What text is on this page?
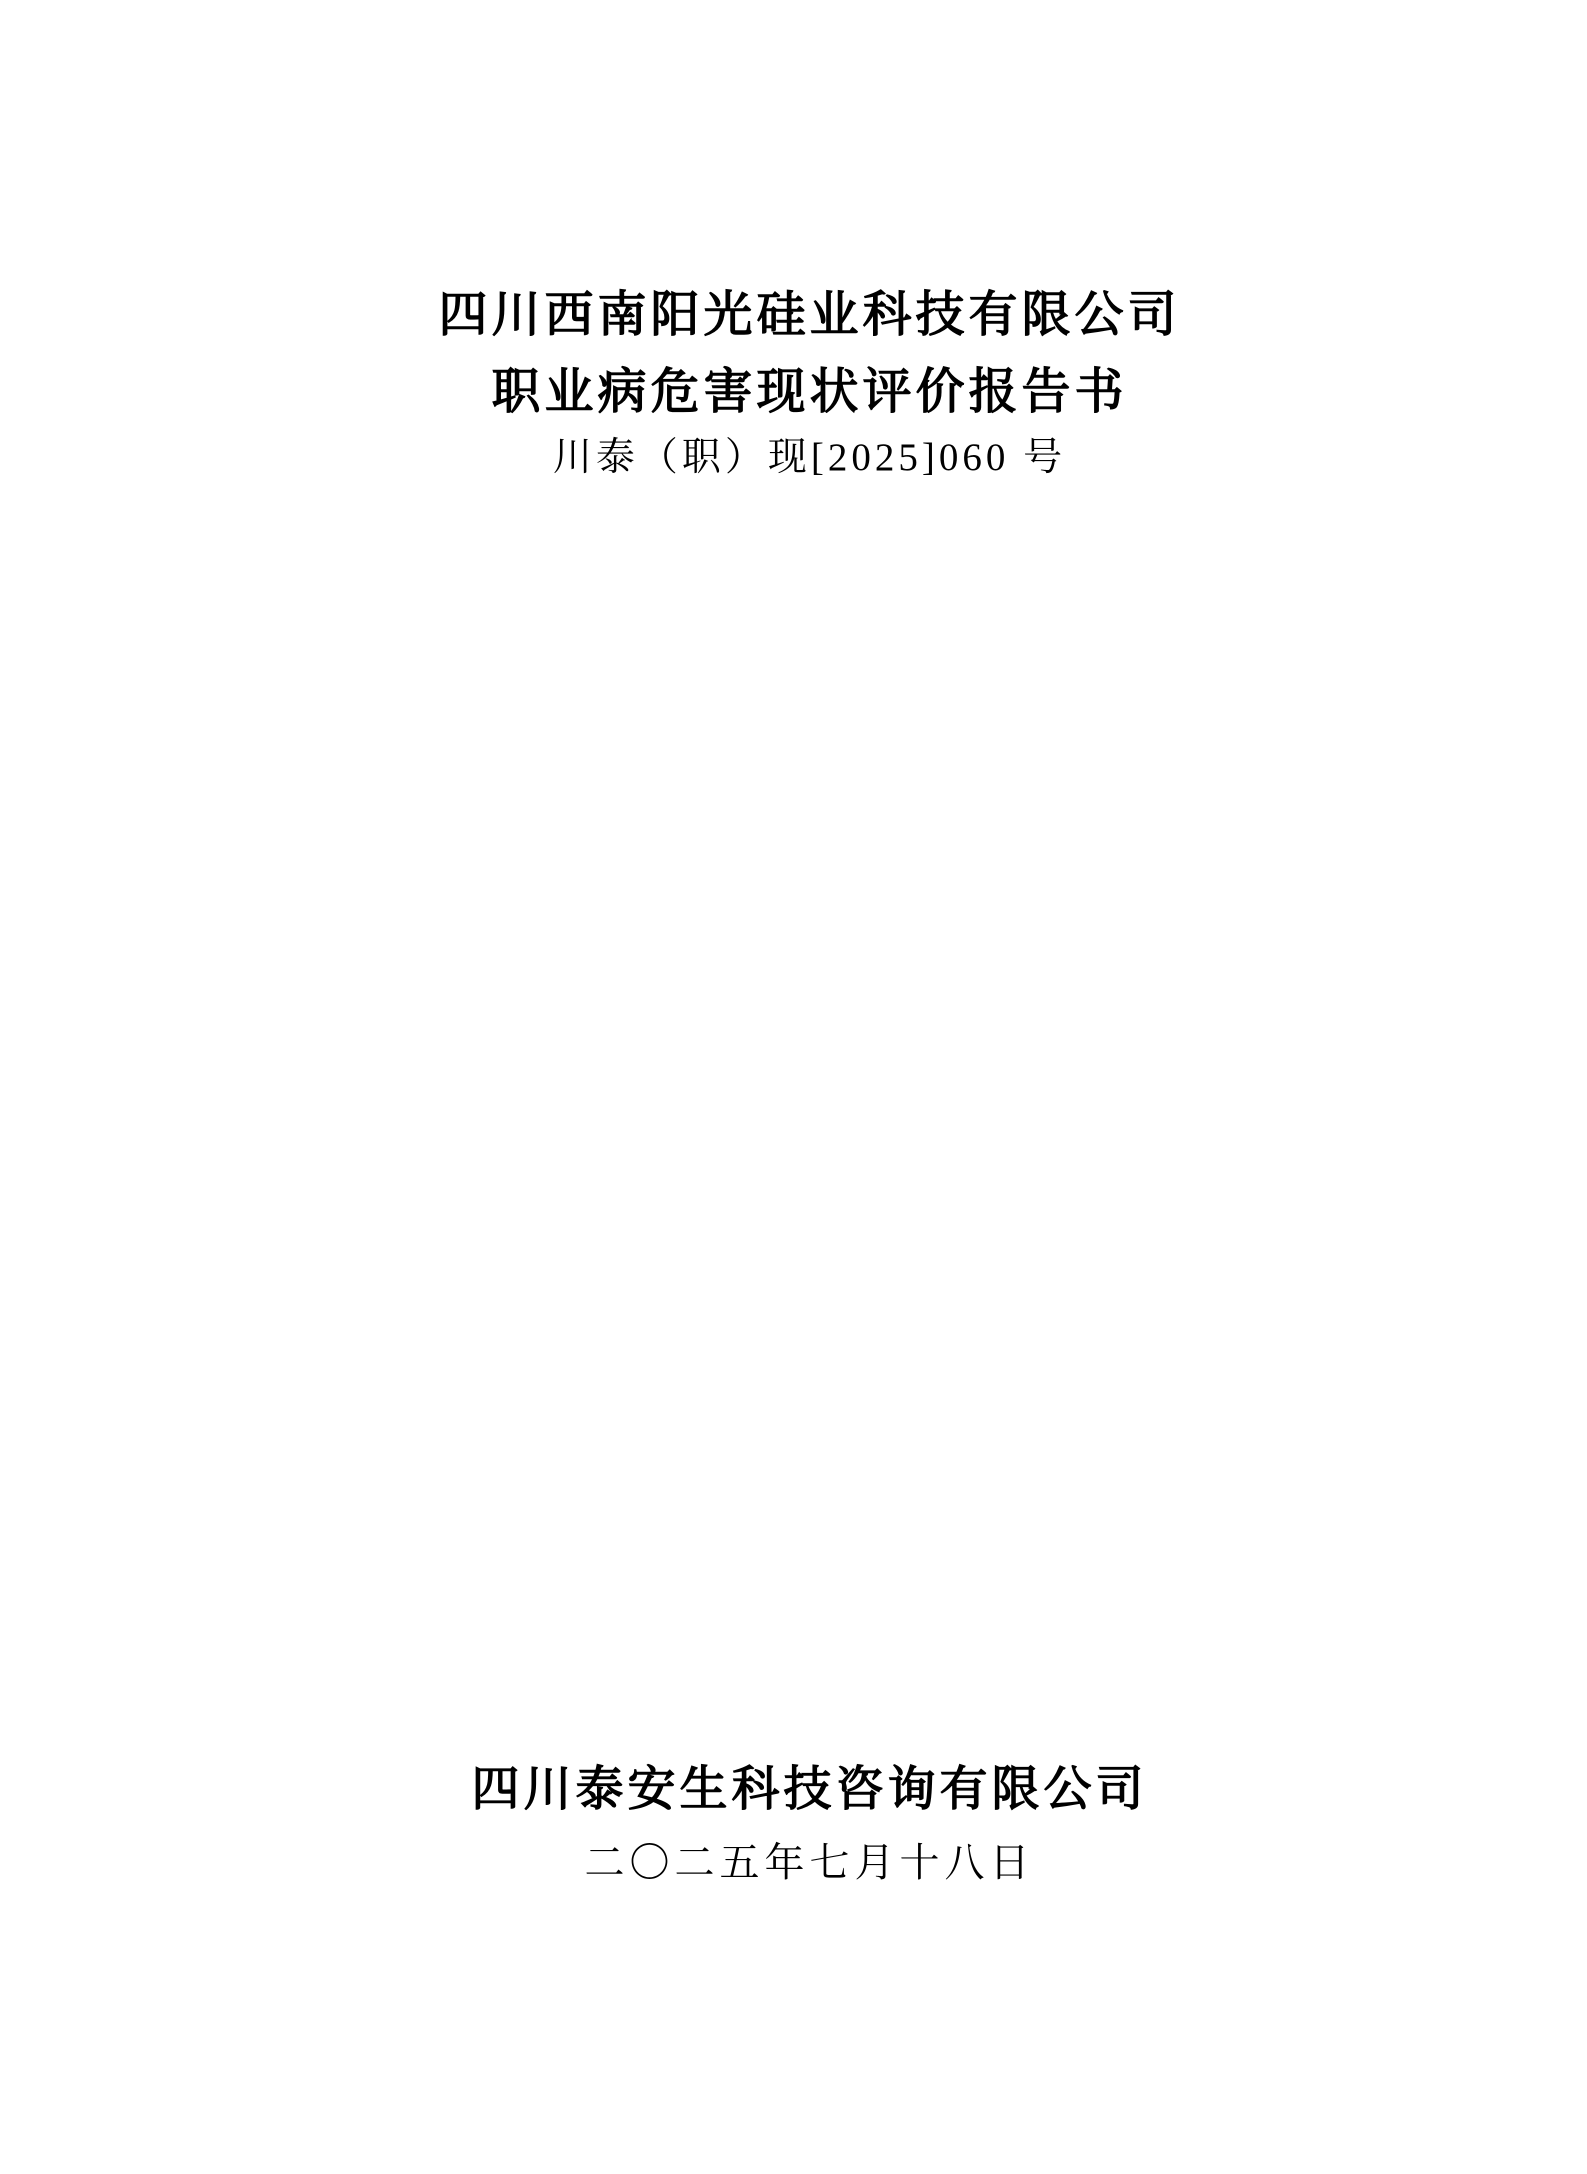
四川西南阳光硅业科技有限公司
职业病危害现状评价报告书
川泰（职）现[2025]060 号
四川泰安生科技咨询有限公司
二〇二五年七月十八日
